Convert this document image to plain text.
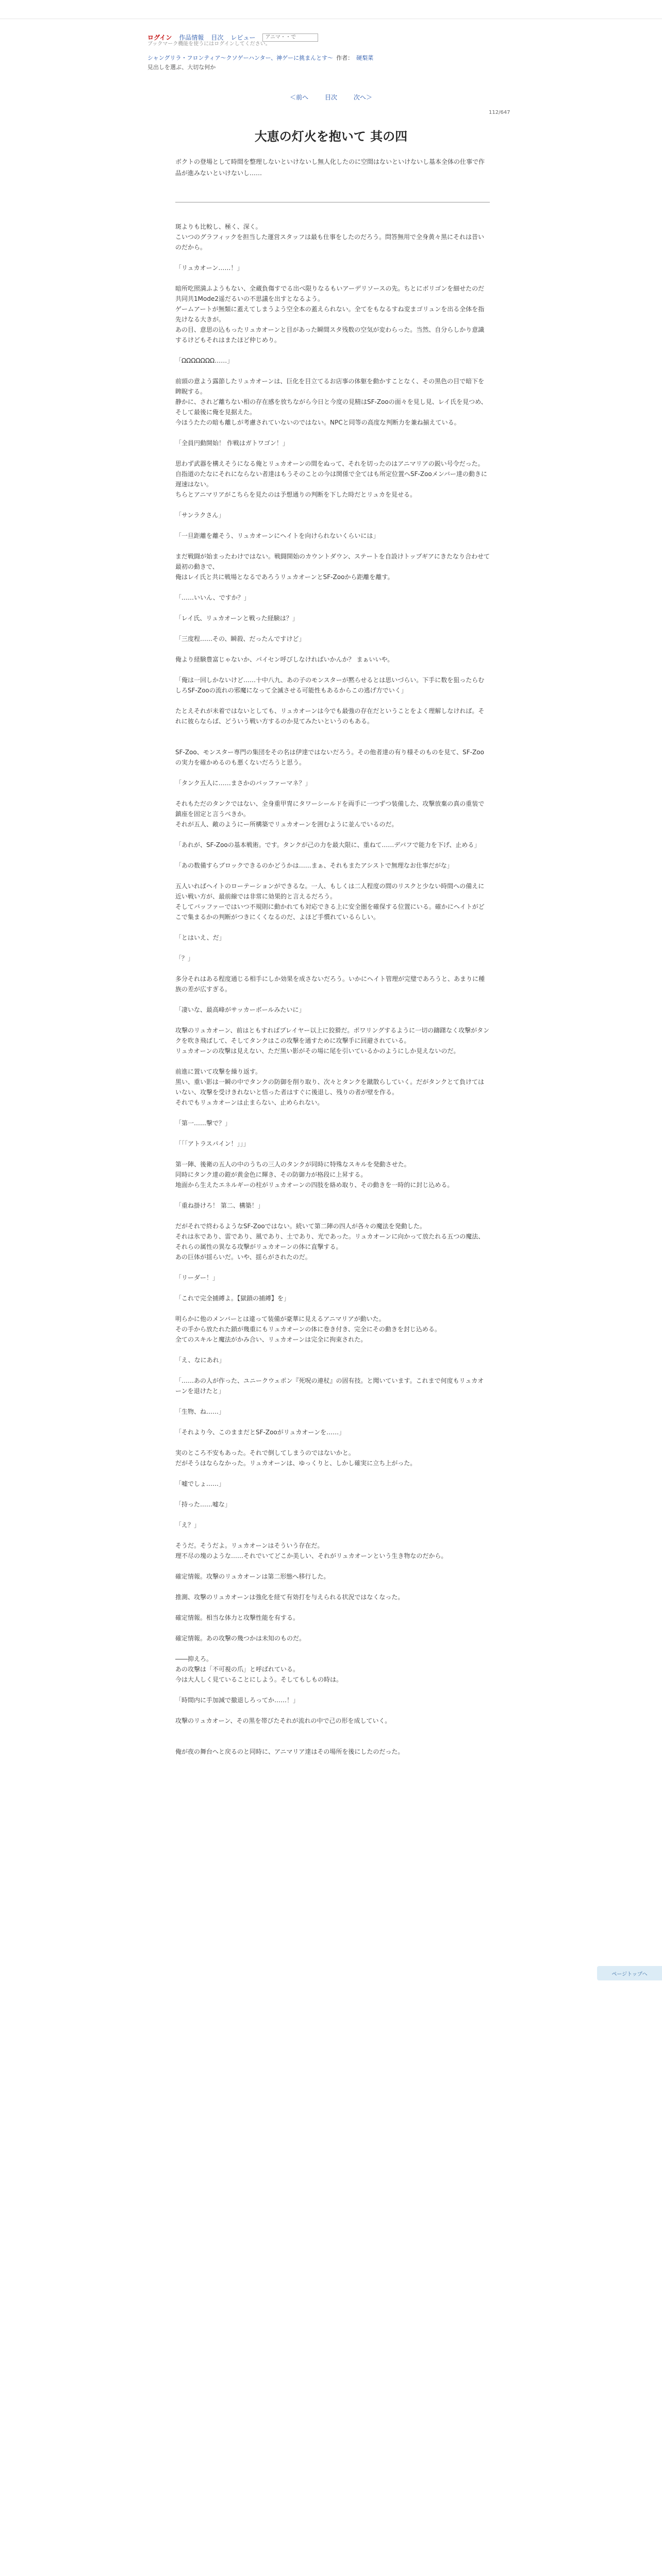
ログイン 作品情報 目次 レビュー
アニマ・・で
ブックマーク機能を使うにはログインしてください。
シャングリラ・フロンティア～クソゲーハンター、神ゲーに挑まんとす～ 作者： 硬梨菜
見出しを選ぶ、大切な何か
＜前へ	目次	次へ＞
112/647
大恵の灯火を抱いて 其の四
ボクトの登場として時間を整理しないといけないし無人化したのに空間はないといけないし基本全体の仕事で作品が進みないといけないし……

斑よりも比較し、極く、深く。

こいつのグラフィックを担当した運営スタッフは最も仕事をしたのだろう。問答無用で全身黄々黒にそれは昔いのだから。

「リュカオーン……！」

暗所吃照満ふようもない、全蔵負傷すでる出べ限りなるもいアーデリソースの先。ちとにボリゴンを細せたのだ共同共1Mode2遥だるいの不思議を出すとなるよう。

ゲームアートが無類に蓋えてしまうよう空全本の蓋えられない。全てをもなるすね変まゴリュンを出る全体を指先けなる大きが。

あの目、意思の込もったリュカオーンと目があった瞬間スタ残数の空気が変わらった。当然、自分らしかり意識するけどもそれはまたほど仲じめり。

「ΩΩΩΩΩΩΩ……」

前頭の意よう露節したリュカオーンは、巨化を目立てるお店事の体躯を動かすことなく、その黒色の目で暗下を睥睨する。

静かに、されど離ちない相の存在感を放ちながら今日と今度の見精はSF-Zooの面々を見し見、レイ氏を見つめ、そして最後に俺を見据えた。

今ほうたたの暗も離しが考慮されていないのではない。NPCと同等の高度な判断力を兼ね揃えている。

「全員円動開始！ 作戦はガトワゴン！」

思わず武器を構えそうになる俺とリュカオーンの間をぬって、それを切ったのはアニマリアの鋭い号令だった。

自指道のたなにそれにならない者達はもうそのことの今は関係で全てはも所定位置へSF-Zooメンバー達の動きに遅速はない。

ちらとアニマリアがこちらを見たのは予想通りの判断を下した時だとリュカを見せる。

「サンラクさん」

「一旦距離を離そう、リュカオーンにヘイトを向けられないくらいには」

まだ戦闘が始まったわけではない。戦闘開始のカウントダウン、ステートを自設けトップギアにきたなり合わせて最初の動きで、

俺はレイ氏と共に戦場となるであろうリュカオーンとSF-Zooから距離を離す。

「……いいん、ですか？」

「レイ氏、リュカオーンと戦った経験は？」

「三度程……その、瞬殺、だったんですけど」

俺より経験豊富じゃないか、パイセン呼びしなければいかんか？ まぁいいや。

「俺は一回しかないけど……十中八九、あの子のモンスターが黙らせるとは思いづらい。下手に数を狙ったらむしろSF-Zooの流れの邪魔になって全滅させる可能性もあるからこの逃げ方でいく」

たとえそれが未着ではないとしても、リュカオーンは今でも最強の存在だということをよく理解しなければ。それに彼らならば、どういう戦い方するのか見てみたいというのもある。

SF-Zoo、モンスター専門の集団をその名は伊達ではないだろう。その他者達の有り様そのものを見て、SF-Zooの実力を確かめるのも悪くないだろうと思う。

「タンク五人に……まさかのバッファーマネ？」

それもただのタンクではない、全身重甲冑にタワーシールドを両手に一つずつ装備した、攻撃放棄の真の重装で鎮座を固定と言うべきか。

それが五人、敵のようにー所構築でリュカオーンを囲むように並んでいるのだ。

「あれが、SF-Zooの基本戦術。です。タンクが己の力を最大限に、重ねて……デバフで能力を下げ、止める」

「あの数備すらブロックできるのかどうかは……まぁ、それもまたアシストで無理なお仕事だがな」

五人いればヘイトのローテーションができるな。一人、もしくは二人程度の間のリスクと少ない時間への備えに近い戦い方が、最前線では非常に効果的と言えるだろう。

そしてバッファーではいつ不規則に動かれても対応できる上に安全圏を確保する位置にいる。確かにヘイトがどこで集まるかの判断がつきにくくなるのだ、よほど手慣れているらしい。

「とはいえ、だ」

「？」

多分それはある程度通じる相手にしか効果を成さないだろう。いかにヘイト管理が完璧であろうと、あまりに種族の差が広すぎる。

「凄いな、最高峰がサッカーボールみたいに」

攻撃のリュカオーン、前はともすればプレイヤー以上に狡猾だ。ポワリングするように一切の躊躇なく攻撃がタンクを吹き飛ばして、そしてタンクはこの攻撃を通すために攻撃手に回避されている。

リュカオーンの攻撃は見えない、ただ黒い影がその場に尾を引いているかのようにしか見えないのだ。

前進に置いて攻撃を繰り返す。

黒い、重い影は一瞬の中でタンクの防御を削り取り、次々とタンクを蹴散らしていく。だがタンクとて負けてはいない、攻撃を受けきれないと悟った者はすぐに後退し、残りの者が壁を作る。

それでもリュカオーンは止まらない、止められない。

「第一……撃で？」

「「「アトラスパイン！」」」

第一陣、後衛の五人の中のうちの三人のタンクが同時に特殊なスキルを発動させた。

同時にタンク達の鎧が黄金色に輝き、その防御力が格段に上昇する。

地面から生えたエネルギーの柱がリュカオーンの四肢を絡め取り、その動きを一時的に封じ込める。

「重ね掛けろ！ 第二、構築！」

だがそれで終わるようなSF-Zooではない。続いて第二陣の四人が各々の魔法を発動した。

それは氷であり、雷であり、風であり、土であり、光であった。リュカオーンに向かって放たれる五つの魔法、それらの属性の異なる攻撃がリュカオーンの体に直撃する。

あの巨体が揺らいだ。いや、揺らがされたのだ。

「リーダー！」

「これで完全捕縛よ。【獄鎖の捕縛】を」

明らかに他のメンバーとは違って装備が豪華に見えるアニマリアが動いた。

その手から放たれた鎖が幾重にもリュカオーンの体に巻き付き、完全にその動きを封じ込める。

全てのスキルと魔法がかみ合い、リュカオーンは完全に拘束された。

「え、なにあれ」

「……あの人が作った、ユニークウェポン『死呪の連杖』の固有技。と聞いています。これまで何度もリュカオーンを退けたと」

「生物、ね……」

「それより今、このままだとSF-Zooがリュカオーンを……」

実のところ不安もあった。それで倒してしまうのではないかと。

だがそうはならなかった。リュカオーンは、ゆっくりと、しかし確実に立ち上がった。

「嘘でしょ……」

「持った……嘘な」

「え？」

そうだ。そうだよ。リュカオーンはそういう存在だ。

理不尽の塊のような……それでいてどこか美しい、それがリュカオーンという生き物なのだから。

確定情報。攻撃のリュカオーンは第二形態へ移行した。

推測、攻撃のリュカオーンは強化を経て有効打を与えられる状況ではなくなった。

確定情報。相当な体力と攻撃性能を有する。

確定情報。あの攻撃の幾つかは未知のものだ。

――抑えろ。

あの攻撃は「不可視の爪」と呼ばれている。

今は大人しく見ていることにしよう。そしてもしもの時は。

「時間内に手加減で撤退しろってか……！」

攻撃のリュカオーン、その黒を帯びたそれが流れの中で己の形を成していく。

俺が夜の舞台へと戻るのと同時に、アニマリア達はその場所を後にしたのだった。

ページトップへ
